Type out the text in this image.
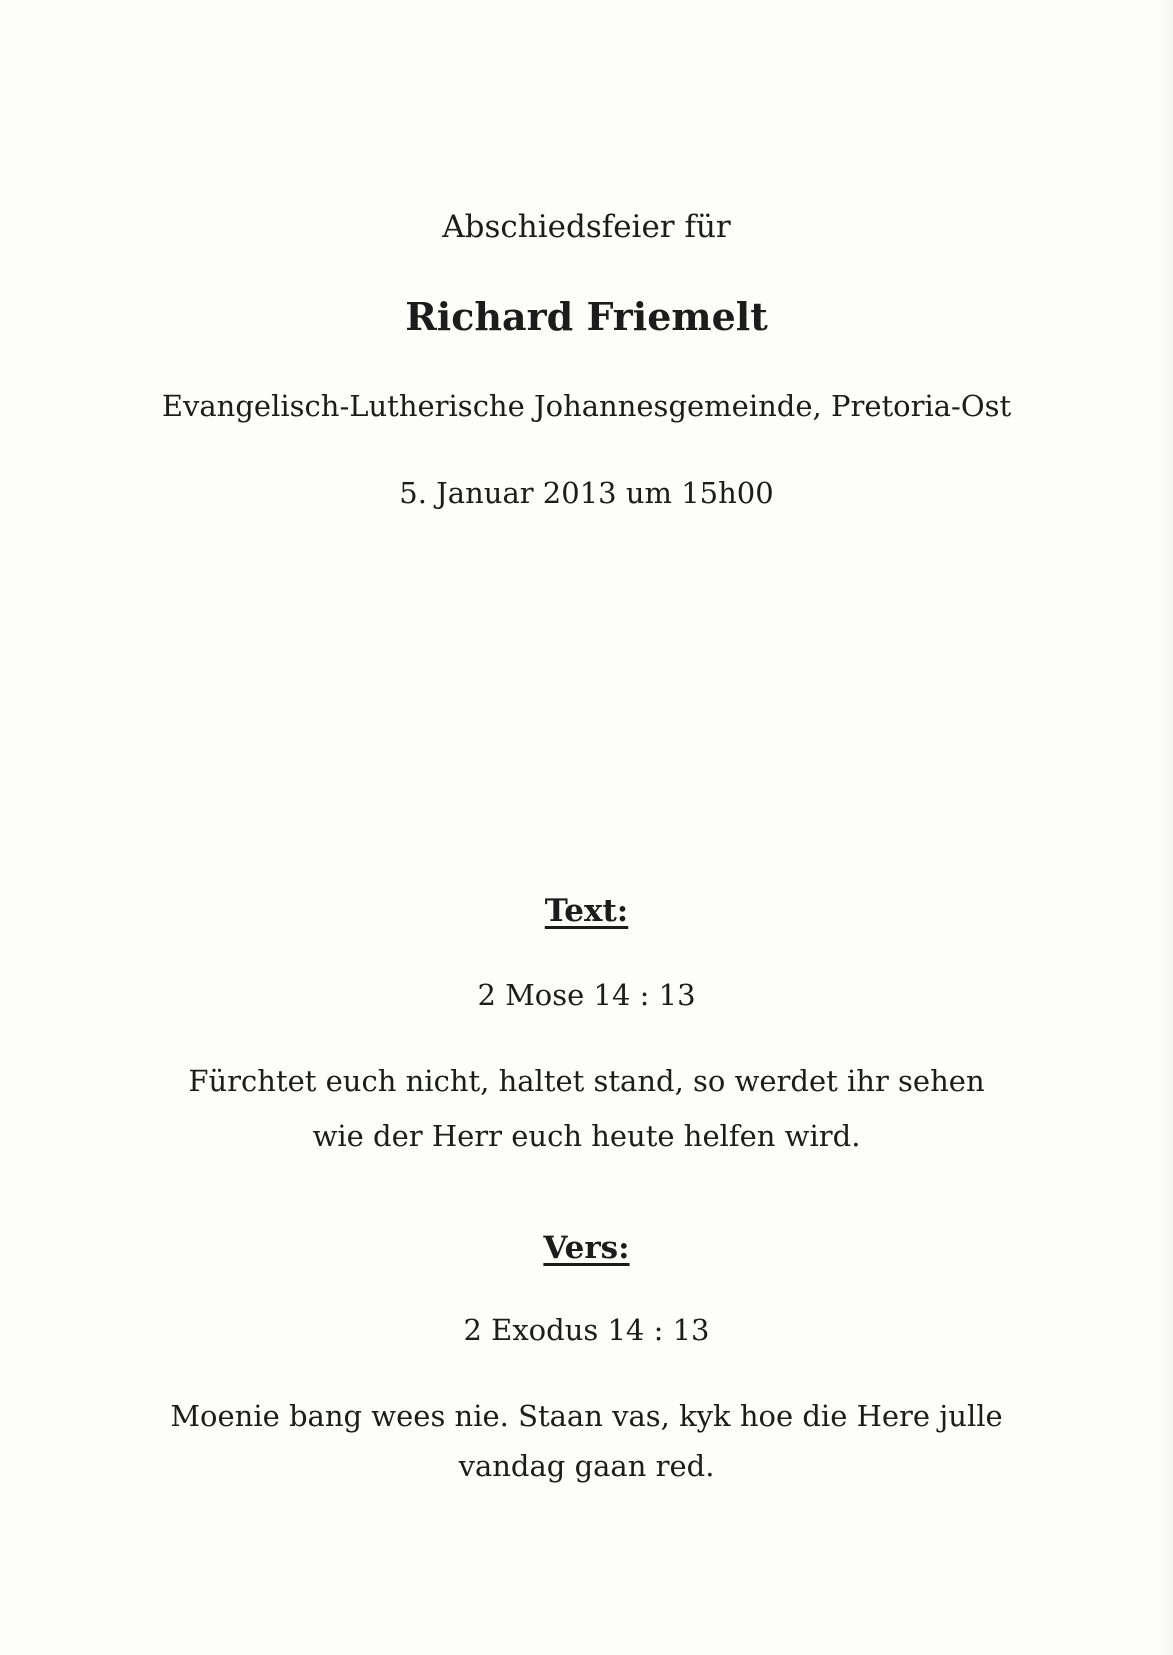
Abschiedsfeier für
Richard Friemelt
Evangelisch-Lutherische Johannesgemeinde, Pretoria-Ost
5. Januar 2013 um 15h00
Text:
2 Mose 14 : 13
Fürchtet euch nicht, haltet stand, so werdet ihr sehen
wie der Herr euch heute helfen wird.
Vers:
2 Exodus 14 : 13
Moenie bang wees nie. Staan vas, kyk hoe die Here julle
vandag gaan red.
